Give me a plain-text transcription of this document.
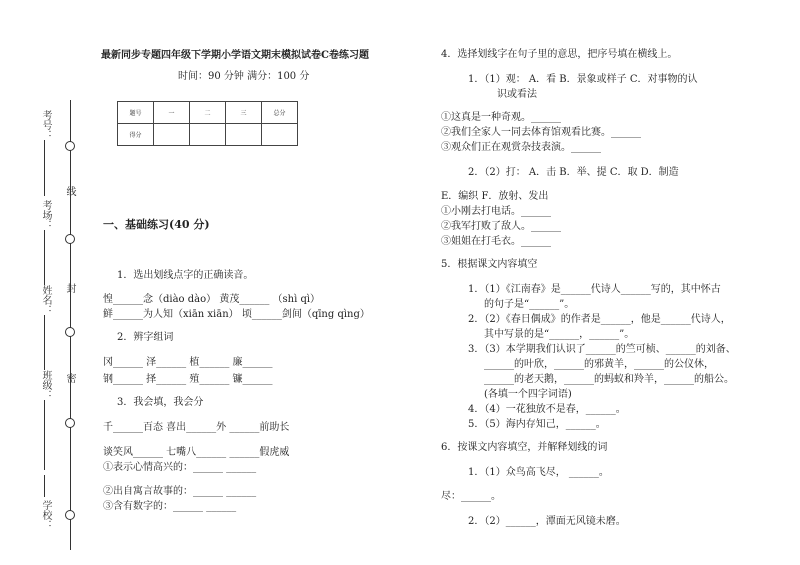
考号：
考场：
姓名：
班级：
学校：
线
封
密
最新同步专题四年级下学期小学语文期末模拟试卷C卷练习题
时间：90 分钟 满分：100 分
题号	一	二	三	总分
得分				
一、基础练习(40 分)
1．选出划线点字的正确读音。
惶______念（diào dào） 黄茂______ （shì qì）
鲜______为人知（xiān xiān） 顷______剑间（qīng qìng）
2．辨字组词
冈______ 泽______ 植______ 廉______
钢______ 择______ 殖______ 镰______
3．我会填，我会分
千______百态 喜出______外 ______前助长
谈笑风______ 七嘴八______ ______假虎威
①表示心情高兴的：______ ______
②出自寓言故事的：______ ______
③含有数字的：______ ______
4．选择划线字在句子里的意思，把序号填在横线上。
1．（1）观： A．看 B．景象或样子 C．对事物的认
识或看法
①这真是一种奇观。______
②我们全家人一同去体育馆观看比赛。______
③观众们正在观赏杂技表演。______
2．（2）打： A．击 B．举、提 C．取 D．制造
E．编织 F．放射、发出
①小刚去打电话。______
②我军打败了敌人。______
③姐姐在打毛衣。______
5．根据课文内容填空
1．（1）《江南春》是______代诗人______写的，其中怀古
的句子是“______”。
2．（2）《春日偶成》的作者是______，他是______代诗人，
其中写景的是“______，______”。
3．（3）本学期我们认识了______的竺可桢、______的刘备、
______的叶欣，______的邪黄羊，______的公仪休，
______的老天鹅，______的蚂蚁和羚羊，______的船公。
(各填一个四字词语)
4．（4）一花独放不是春，______。
5．（5）海内存知己，______。
6．按课文内容填空，并解释划线的词
1．（1）众鸟高飞尽， ______。
尽：______。
2．（2）______，潭面无风镜未磨。
